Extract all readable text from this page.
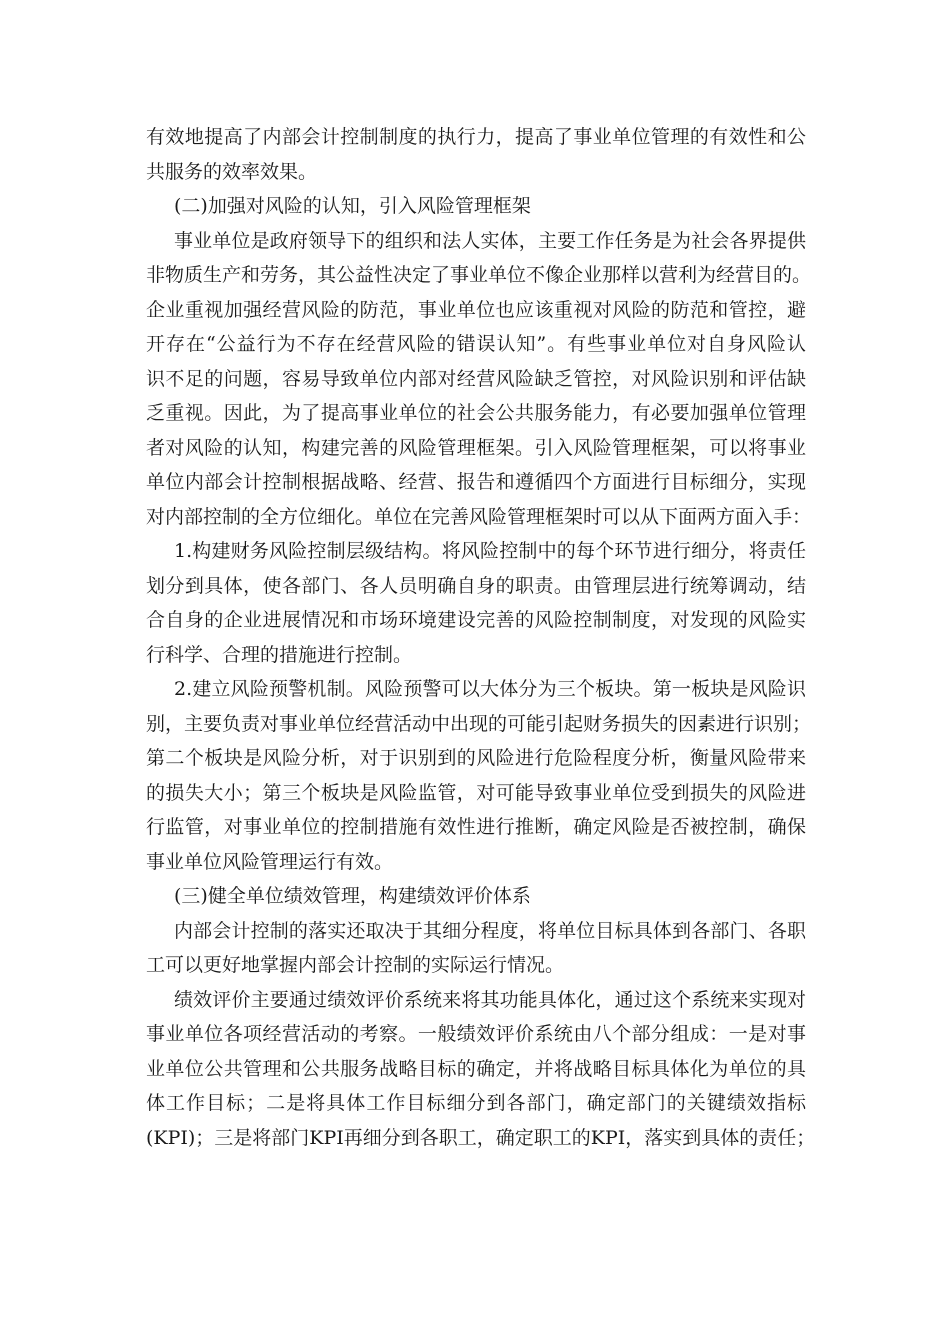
有效地提高了内部会计控制制度的执行力，提高了事业单位管理的有效性和公
共服务的效率效果。
(二)加强对风险的认知，引入风险管理框架
事业单位是政府领导下的组织和法人实体，主要工作任务是为社会各界提供
非物质生产和劳务，其公益性决定了事业单位不像企业那样以营利为经营目的。
企业重视加强经营风险的防范，事业单位也应该重视对风险的防范和管控，避
开存在“公益行为不存在经营风险的错误认知”。有些事业单位对自身风险认
识不足的问题，容易导致单位内部对经营风险缺乏管控，对风险识别和评估缺
乏重视。因此，为了提高事业单位的社会公共服务能力，有必要加强单位管理
者对风险的认知，构建完善的风险管理框架。引入风险管理框架，可以将事业
单位内部会计控制根据战略、经营、报告和遵循四个方面进行目标细分，实现
对内部控制的全方位细化。单位在完善风险管理框架时可以从下面两方面入手：
1.构建财务风险控制层级结构。将风险控制中的每个环节进行细分，将责任
划分到具体，使各部门、各人员明确自身的职责。由管理层进行统筹调动，结
合自身的企业进展情况和市场环境建设完善的风险控制制度，对发现的风险实
行科学、合理的措施进行控制。
2.建立风险预警机制。风险预警可以大体分为三个板块。第一板块是风险识
别，主要负责对事业单位经营活动中出现的可能引起财务损失的因素进行识别；
第二个板块是风险分析，对于识别到的风险进行危险程度分析，衡量风险带来
的损失大小；第三个板块是风险监管，对可能导致事业单位受到损失的风险进
行监管，对事业单位的控制措施有效性进行推断，确定风险是否被控制，确保
事业单位风险管理运行有效。
(三)健全单位绩效管理，构建绩效评价体系
内部会计控制的落实还取决于其细分程度，将单位目标具体到各部门、各职
工可以更好地掌握内部会计控制的实际运行情况。
绩效评价主要通过绩效评价系统来将其功能具体化，通过这个系统来实现对
事业单位各项经营活动的考察。一般绩效评价系统由八个部分组成：一是对事
业单位公共管理和公共服务战略目标的确定，并将战略目标具体化为单位的具
体工作目标；二是将具体工作目标细分到各部门，确定部门的关键绩效指标
(KPI)；三是将部门KPI再细分到各职工，确定职工的KPI，落实到具体的责任；
